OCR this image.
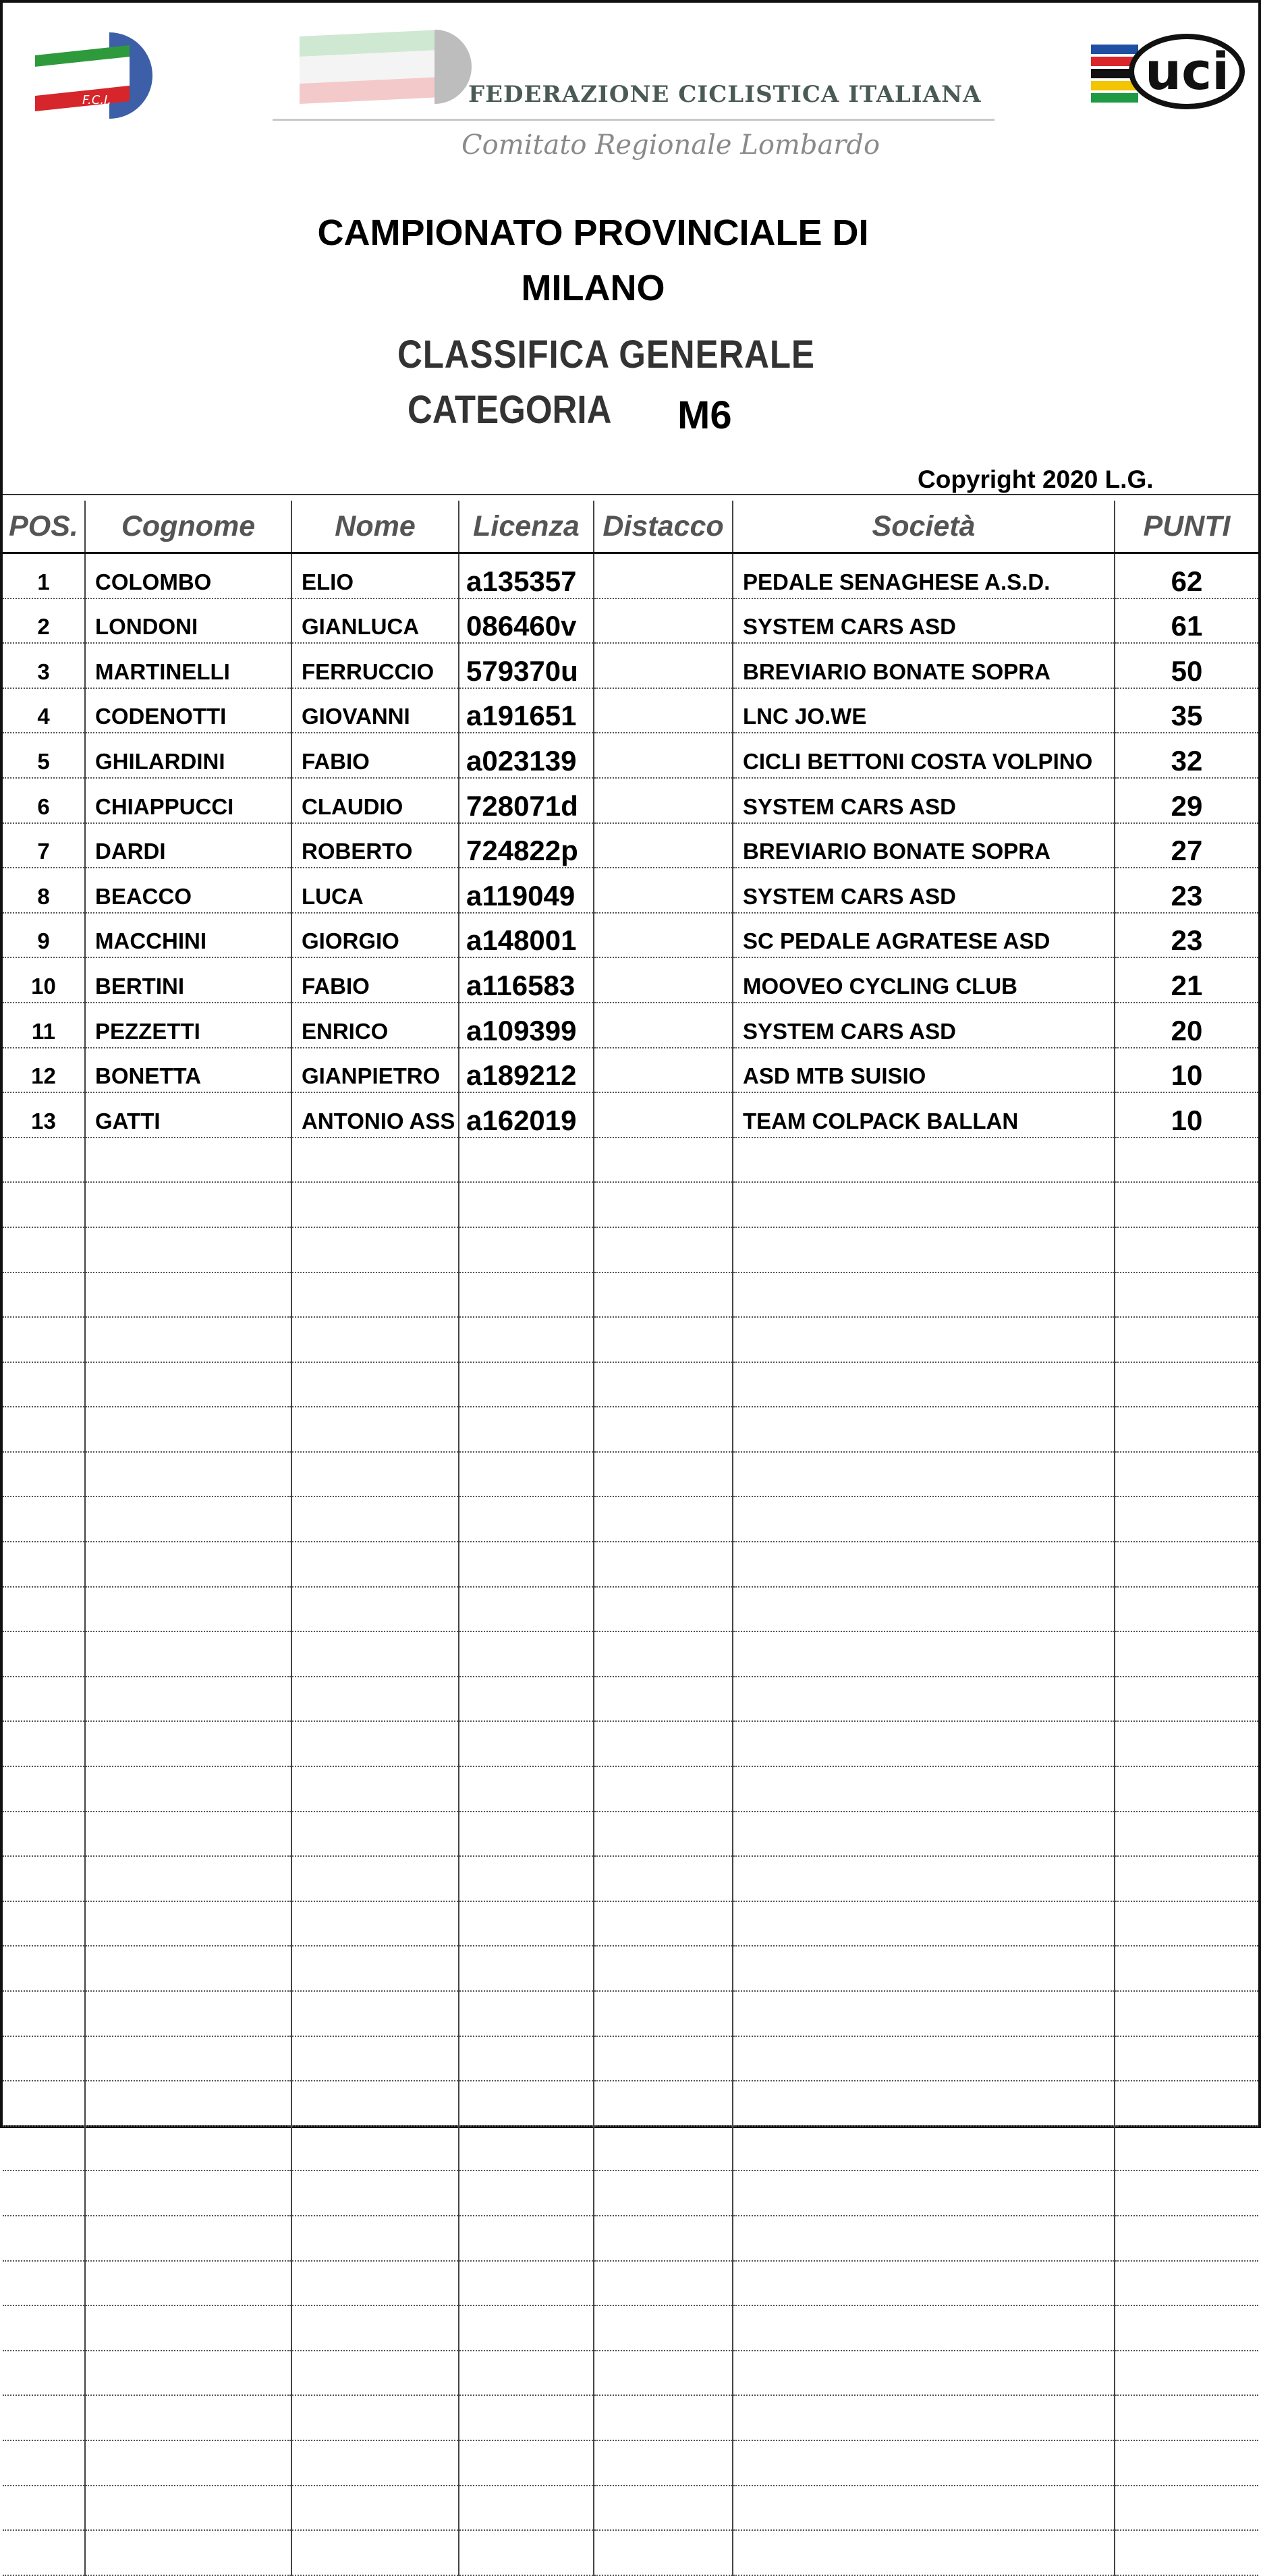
F.C.I.	FEDERAZIONE CICLISTICA ITALIANA
Comitato Regionale Lombardo
uci
CAMPIONATO PROVINCIALE DI
MILANO
CLASSIFICA GENERALE
CATEGORIA M6
Copyright 2020 L.G.
POS.	Cognome	Nome	Licenza	Distacco	Società	PUNTI
1	COLOMBO	ELIO	a135357		PEDALE SENAGHESE A.S.D.	62
2	LONDONI	GIANLUCA	086460v		SYSTEM CARS ASD	61
3	MARTINELLI	FERRUCCIO	579370u		BREVIARIO BONATE SOPRA	50
4	CODENOTTI	GIOVANNI	a191651		LNC JO.WE	35
5	GHILARDINI	FABIO	a023139		CICLI BETTONI COSTA VOLPINO	32
6	CHIAPPUCCI	CLAUDIO	728071d		SYSTEM CARS ASD	29
7	DARDI	ROBERTO	724822p		BREVIARIO BONATE SOPRA	27
8	BEACCO	LUCA	a119049		SYSTEM CARS ASD	23
9	MACCHINI	GIORGIO	a148001		SC PEDALE AGRATESE ASD	23
10	BERTINI	FABIO	a116583		MOOVEO CYCLING CLUB	21
11	PEZZETTI	ENRICO	a109399		SYSTEM CARS ASD	20
12	BONETTA	GIANPIETRO	a189212		ASD MTB SUISIO	10
13	GATTI	ANTONIO ASS	a162019		TEAM COLPACK BALLAN	10
